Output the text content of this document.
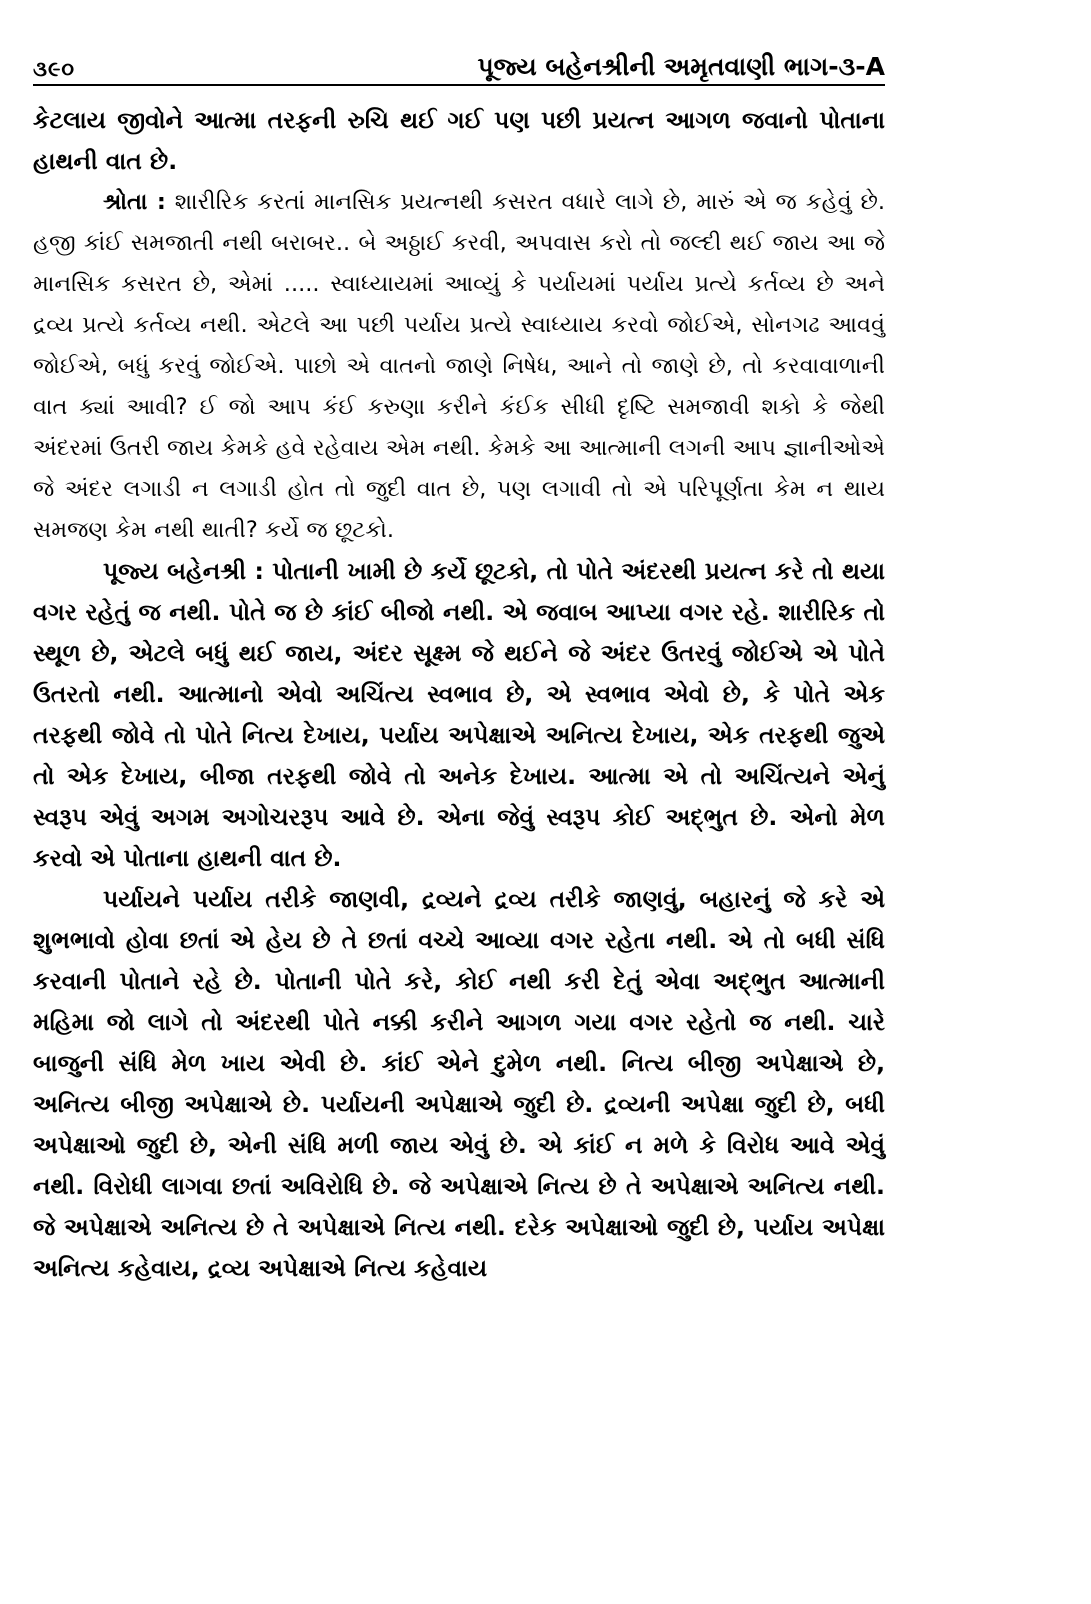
૩૯૦	પૂજ્ય બહેનશ્રીની અમૃતવાણી ભાગ-૩-A

કેટલાય જીવોને આત્મા તરફની રુચિ થઈ ગઈ પણ પછી પ્રયત્ન આગળ જવાનો પોતાના હાથની વાત છે.

શ્રોતા : શારીરિક કરતાં માનસિક પ્રયત્નથી કસરત વધારે લાગે છે, મારું એ જ કહેવું છે. હજી કાંઈ સમજાતી નથી બરાબર.. બે અઠ્ઠાઈ કરવી, અપવાસ કરો તો જલ્દી થઈ જાય આ જે માનસિક કસરત છે, એમાં ..... સ્વાધ્યાયમાં આવ્યું કે પર્યાયમાં પર્યાય પ્રત્યે કર્તવ્ય છે અને દ્રવ્ય પ્રત્યે કર્તવ્ય નથી. એટલે આ પછી પર્યાય પ્રત્યે સ્વાધ્યાય કરવો જોઈએ, સોનગઢ આવવું જોઈએ, બધું કરવું જોઈએ. પાછો એ વાતનો જાણે નિષેધ, આને તો જાણે છે, તો કરવાવાળાની વાત ક્યાં આવી? ઈ જો આપ કંઈ કરુણા કરીને કંઈક સીધી દૃષ્ટિ સમજાવી શકો કે જેથી અંદરમાં ઉતરી જાય કેમકે હવે રહેવાય એમ નથી. કેમકે આ આત્માની લગની આપ જ્ઞાનીઓએ જે અંદર લગાડી ન લગાડી હોત તો જુદી વાત છે, પણ લગાવી તો એ પરિપૂર્ણતા કેમ ન થાય સમજણ કેમ નથી થાતી? કર્યે જ છૂટકો.

પૂજ્ય બહેનશ્રી : પોતાની ખામી છે કર્યે છૂટકો, તો પોતે અંદરથી પ્રયત્ન કરે તો થયા વગર રહેતું જ નથી. પોતે જ છે કાંઈ બીજો નથી. એ જવાબ આપ્યા વગર રહે. શારીરિક તો સ્થૂળ છે, એટલે બધું થઈ જાય, અંદર સૂક્ષ્મ જે થઈને જે અંદર ઉતરવું જોઈએ એ પોતે ઉતરતો નથી. આત્માનો એવો અચિંત્ય સ્વભાવ છે, એ સ્વભાવ એવો છે, કે પોતે એક તરફથી જોવે તો પોતે નિત્ય દેખાય, પર્યાય અપેક્ષાએ અનિત્ય દેખાય, એક તરફથી જુએ તો એક દેખાય, બીજા તરફથી જોવે તો અનેક દેખાય. આત્મા એ તો અચિંત્યને એનું સ્વરૂપ એવું અગમ અગોચરરૂપ આવે છે. એના જેવું સ્વરૂપ કોઈ અદ્ભુત છે. એનો મેળ કરવો એ પોતાના હાથની વાત છે.

પર્યાયને પર્યાય તરીકે જાણવી, દ્રવ્યને દ્રવ્ય તરીકે જાણવું, બહારનું જે કરે એ શુભભાવો હોવા છતાં એ હેય છે તે છતાં વચ્ચે આવ્યા વગર રહેતા નથી. એ તો બધી સંધિ કરવાની પોતાને રહે છે. પોતાની પોતે કરે, કોઈ નથી કરી દેતું એવા અદ્ભુત આત્માની મહિમા જો લાગે તો અંદરથી પોતે નક્કી કરીને આગળ ગયા વગર રહેતો જ નથી. ચારે બાજુની સંધિ મેળ ખાય એવી છે. કાંઈ એને દુમેળ નથી. નિત્ય બીજી અપેક્ષાએ છે, અનિત્ય બીજી અપેક્ષાએ છે. પર્યાયની અપેક્ષાએ જુદી છે. દ્રવ્યની અપેક્ષા જુદી છે, બધી અપેક્ષાઓ જુદી છે, એની સંધિ મળી જાય એવું છે. એ કાંઈ ન મળે કે વિરોધ આવે એવું નથી. વિરોધી લાગવા છતાં અવિરોધિ છે. જે અપેક્ષાએ નિત્ય છે તે અપેક્ષાએ અનિત્ય નથી. જે અપેક્ષાએ અનિત્ય છે તે અપેક્ષાએ નિત્ય નથી. દરેક અપેક્ષાઓ જુદી છે, પર્યાય અપેક્ષા અનિત્ય કહેવાય, દ્રવ્ય અપેક્ષાએ નિત્ય કહેવાય
